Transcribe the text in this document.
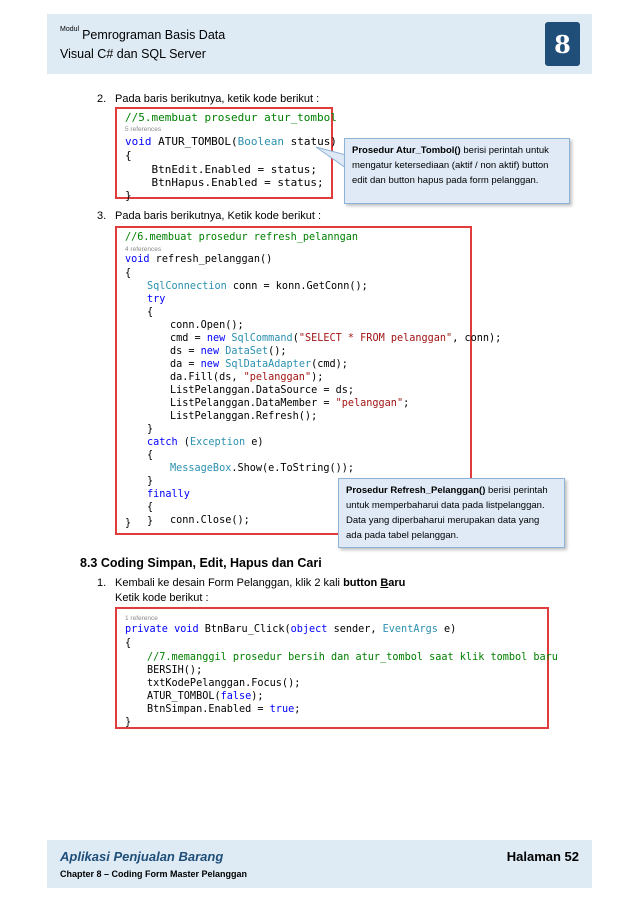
$^{Modul}$ Pemrograman Basis Data
Visual C# dan SQL Server	8
2. Pada baris berikutnya, ketik kode berikut :

//5.membuat prosedur atur_tombol

5 references

void ATUR_TOMBOL(Boolean status)

{

BtnEdit.Enabled = status;

BtnHapus.Enabled = status;

}

Prosedur Atur_Tombol() berisi perintah untuk mengatur ketersediaan (aktif / non aktif) button edit dan button hapus pada form pelanggan.
3. Pada baris berikutnya, Ketik kode berikut :

//6.membuat prosedur refresh_pelanngan

4 references

void refresh_pelanggan()

{

SqlConnection conn = konn.GetConn();

try

{

conn.Open();

cmd = new SqlCommand("SELECT * FROM pelanggan", conn);

ds = new DataSet();

da = new SqlDataAdapter(cmd);

da.Fill(ds, "pelanggan");

ListPelanggan.DataSource = ds;

ListPelanggan.DataMember = "pelanggan";

ListPelanggan.Refresh();

}

catch (Exception e)

{

MessageBox.Show(e.ToString());

}

finally

{

conn.Close();

}
}
Prosedur Refresh_Pelanggan() berisi perintah untuk memperbaharui data pada listpelanggan. Data yang diperbaharui merupakan data yang ada pada tabel pelanggan.
8.3 Coding Simpan, Edit, Hapus dan Cari
1. Kembali ke desain Form Pelanggan, klik 2 kali button Baru
Ketik kode berikut :

1 reference

private void BtnBaru_Click(object sender, EventArgs e)

{

//7.memanggil prosedur bersih dan atur_tombol saat klik tombol baru

BERSIH();

txtKodePelanggan.Focus();

ATUR_TOMBOL(false);

BtnSimpan.Enabled = true;

}

Aplikasi Penjualan Barang	Halaman 52
Chapter 8 – Coding Form Master Pelanggan
